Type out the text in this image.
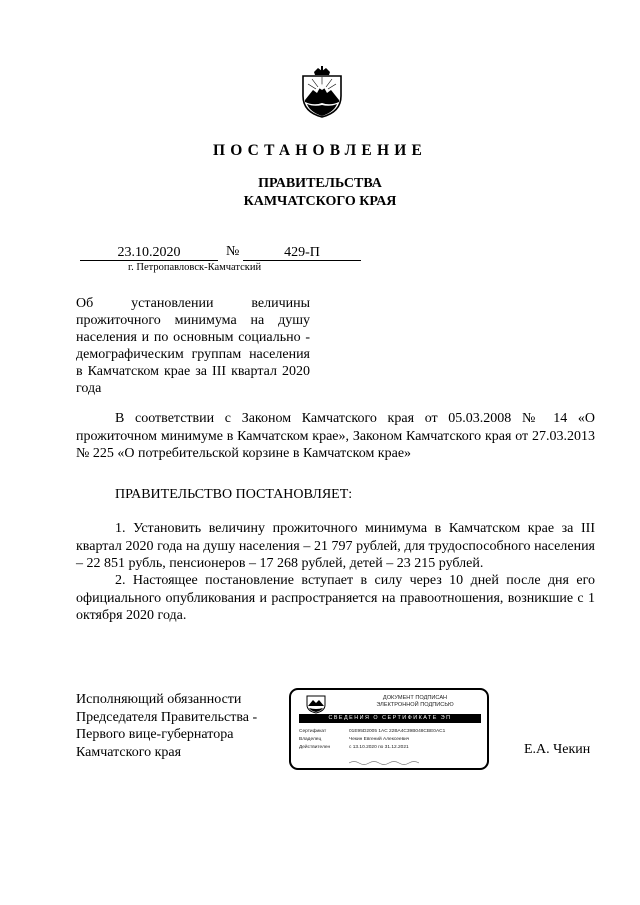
ПОСТАНОВЛЕНИЕ
ПРАВИТЕЛЬСТВА
КАМЧАТСКОГО КРАЯ
23.10.2020	№	429-П
г. Петропавловск-Камчатский
Об установлении величины прожиточного минимума на душу населения и по основным социально - демографическим группам населения в Камчатском крае за III квартал 2020 года
В соответствии с Законом Камчатского края от 05.03.2008 № 14 «О прожиточном минимуме в Камчатском крае», Законом Камчатского края от 27.03.2013 № 225 «О потребительской корзине в Камчатском крае»
ПРАВИТЕЛЬСТВО ПОСТАНОВЛЯЕТ:
1. Установить величину прожиточного минимума в Камчатском крае за III квартал 2020 года на душу населения – 21 797 рублей, для трудоспособного населения – 22 851 рубль, пенсионеров – 17 268 рублей, детей – 23 215 рублей.
2. Настоящее постановление вступает в силу через 10 дней после дня его официального опубликования и распространяется на правоотношения, возникшие с 1 октября 2020 года.
Исполняющий обязанности
Председателя Правительства -
Первого вице-губернатора
Камчатского края
ДОКУМЕНТ ПОДПИСАН
ЭЛЕКТРОННОЙ ПОДПИСЬЮ
СВЕДЕНИЯ О СЕРТИФИКАТЕ ЭП
Сертификат	01E95D2005 1AC 22BA4C39B048CBE0AC1
Владелец	Чекин Евгений Алексеевич
Действителен	с 13.10.2020 по 31.12.2021	Е.А. Чекин
